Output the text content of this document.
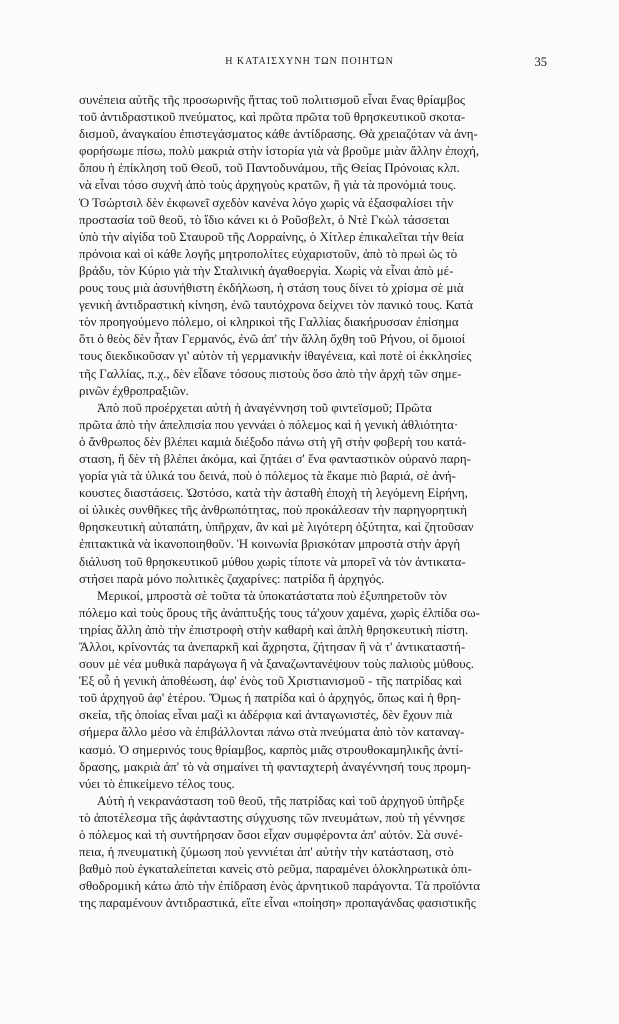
Η ΚΑΤΑΙΣΧΥΝΗ ΤΩΝ ΠΟΙΗΤΩΝ	35
συνέπεια αὐτῆς τῆς προσωρινῆς ἥττας τοῦ πολιτισμοῦ εἶναι ἕνας θρίαμβος
τοῦ ἀντιδραστικοῦ πνεύματος, καὶ πρῶτα πρῶτα τοῦ θρησκευτικοῦ σκοτα-
δισμοῦ, ἀναγκαίου ἐπιστεγάσματος κάθε ἀντίδρασης. Θὰ χρειαζόταν νὰ ἀνη-
φορήσωμε πίσω, πολὺ μακριὰ στὴν ἱστορία γιὰ νὰ βροῦμε μιὰν ἄλλην ἐποχή,
ὅπου ἡ ἐπίκληση τοῦ Θεοῦ, τοῦ Παντοδυνάμου, τῆς Θείας Πρόνοιας κλπ.
νὰ εἶναι τόσο συχνὴ ἀπὸ τοὺς ἀρχηγοὺς κρατῶν, ἢ γιὰ τὰ προνόμιά τους.
Ὁ Τσώρτσιλ δὲν ἐκφωνεῖ σχεδὸν κανένα λόγο χωρὶς νὰ ἐξασφαλίσει τὴν
προστασία τοῦ θεοῦ, τὸ ἴδιο κάνει κι ὁ Ροῦσβελτ, ὁ Ντὲ Γκὼλ τάσσεται
ὑπὸ τὴν αἰγίδα τοῦ Σταυροῦ τῆς Λορραίνης, ὁ Χίτλερ ἐπικαλεῖται τὴν θεία
πρόνοια καὶ οἱ κάθε λογῆς μητροπολίτες εὐχαριστοῦν, ἀπὸ τὸ πρωὶ ὡς τὸ
βράδυ, τὸν Κύριο γιὰ τὴν Σταλινικὴ ἀγαθοεργία. Χωρὶς νὰ εἶναι ἀπὸ μέ-
ρους τους μιὰ ἀσυνήθιστη ἐκδήλωση, ἡ στάση τους δίνει τὸ χρίσμα σὲ μιὰ
γενικὴ ἀντιδραστικὴ κίνηση, ἐνῶ ταυτόχρονα δείχνει τὸν πανικό τους. Κατὰ
τὸν προηγούμενο πόλεμο, οἱ κληρικοὶ τῆς Γαλλίας διακήρυσσαν ἐπίσημα
ὅτι ὁ θεὸς δὲν ἦταν Γερμανός, ἐνῶ ἀπ' τὴν ἄλλη ὄχθη τοῦ Ρήνου, οἱ ὅμοιοί
τους διεκδικοῦσαν γι' αὐτὸν τὴ γερμανικὴν ἰθαγένεια, καὶ ποτὲ οἱ ἐκκλησίες
τῆς Γαλλίας, π.χ., δὲν εἶδανε τόσους πιστοὺς ὅσο ἀπὸ τὴν ἀρχὴ τῶν σημε-
ρινῶν ἐχθροπραξιῶν.
Ἀπὸ ποῦ προέρχεται αὐτὴ ἡ ἀναγέννηση τοῦ φιντεϊσμοῦ; Πρῶτα
πρῶτα ἀπὸ τὴν ἀπελπισία που γεννάει ὁ πόλεμος καὶ ἡ γενικὴ ἀθλιότητα·
ὁ ἄνθρωπος δὲν βλέπει καμιὰ διέξοδο πάνω στὴ γῆ στὴν φοβερὴ του κατά-
σταση, ἢ δὲν τὴ βλέπει ἀκόμα, καὶ ζητάει σ' ἕνα φανταστικὸν οὐρανὸ παρη-
γορία γιὰ τὰ ὑλικά του δεινά, ποὺ ὁ πόλεμος τὰ ἔκαμε πιὸ βαριά, σὲ ἀνή-
κουστες διαστάσεις. Ὡστόσο, κατὰ τὴν ἀσταθὴ ἐποχὴ τὴ λεγόμενη Εἰρήνη,
οἱ ὑλικὲς συνθῆκες τῆς ἀνθρωπότητας, ποὺ προκάλεσαν τὴν παρηγορητικὴ
θρησκευτικὴ αὐταπάτη, ὑπῆρχαν, ἂν καὶ μὲ λιγότερη ὀξύτητα, καὶ ζητοῦσαν
ἐπιτακτικὰ νὰ ἱκανοποιηθοῦν. Ἡ κοινωνία βρισκόταν μπροστὰ στὴν ἀργὴ
διάλυση τοῦ θρησκευτικοῦ μύθου χωρὶς τίποτε νὰ μπορεῖ νὰ τὸν ἀντικατα-
στήσει παρὰ μόνο πολιτικὲς ζαχαρίνες: πατρίδα ἢ ἀρχηγός.
Μερικοί, μπροστὰ σὲ τοῦτα τὰ ὑποκατάστατα ποὺ ἐξυπηρετοῦν τὸν
πόλεμο καὶ τοὺς ὅρους τῆς ἀνάπτυξής τους τά'χουν χαμένα, χωρὶς ἐλπίδα σω-
τηρίας ἄλλη ἀπὸ τὴν ἐπιστροφὴ στὴν καθαρὴ καὶ ἁπλὴ θρησκευτικὴ πίστη.
Ἄλλοι, κρίνοντάς τα ἀνεπαρκῆ καὶ ἄχρηστα, ζήτησαν ἢ νὰ τ' ἀντικαταστή-
σουν μὲ νέα μυθικὰ παράγωγα ἢ νὰ ξαναζωντανέψουν τοὺς παλιοὺς μύθους.
Ἐξ οὗ ἡ γενικὴ ἀποθέωση, ἀφ' ἑνὸς τοῦ Χριστιανισμοῦ - τῆς πατρίδας καὶ
τοῦ ἀρχηγοῦ ἀφ' ἑτέρου. Ὅμως ἡ πατρίδα καὶ ὁ ἀρχηγός, ὅπως καὶ ἡ θρη-
σκεία, τῆς ὁποίας εἶναι μαζὶ κι ἀδέρφια καὶ ἀνταγωνιστές, δὲν ἔχουν πιὰ
σήμερα ἄλλο μέσο νὰ ἐπιβάλλονται πάνω στὰ πνεύματα ἀπὸ τὸν καταναγ-
κασμό. Ὁ σημερινός τους θρίαμβος, καρπὸς μιᾶς στρουθοκαμηλικῆς ἀντί-
δρασης, μακριὰ ἀπ' τὸ νὰ σημαίνει τὴ φανταχτερὴ ἀναγέννησή τους προμη-
νύει τὸ ἐπικείμενο τέλος τους.
Αὐτὴ ἡ νεκρανάσταση τοῦ θεοῦ, τῆς πατρίδας καὶ τοῦ ἀρχηγοῦ ὑπῆρξε
τὸ ἀποτέλεσμα τῆς ἀφάνταστης σύγχυσης τῶν πνευμάτων, ποὺ τὴ γέννησε
ὁ πόλεμος καὶ τὴ συντήρησαν ὅσοι εἶχαν συμφέροντα ἀπ' αὐτόν. Σὰ συνέ-
πεια, ἡ πνευματικὴ ζύμωση ποὺ γεννιέται ἀπ' αὐτὴν τὴν κατάσταση, στὸ
βαθμὸ ποὺ ἐγκαταλείπεται κανεὶς στὸ ρεῦμα, παραμένει ὁλοκληρωτικὰ ὀπι-
σθοδρομικὴ κάτω ἀπὸ τὴν ἐπίδραση ἑνὸς ἀρνητικοῦ παράγοντα. Τὰ προϊόντα
της παραμένουν ἀντιδραστικά, εἴτε εἶναι «ποίηση» προπαγάνδας φασιστικῆς
